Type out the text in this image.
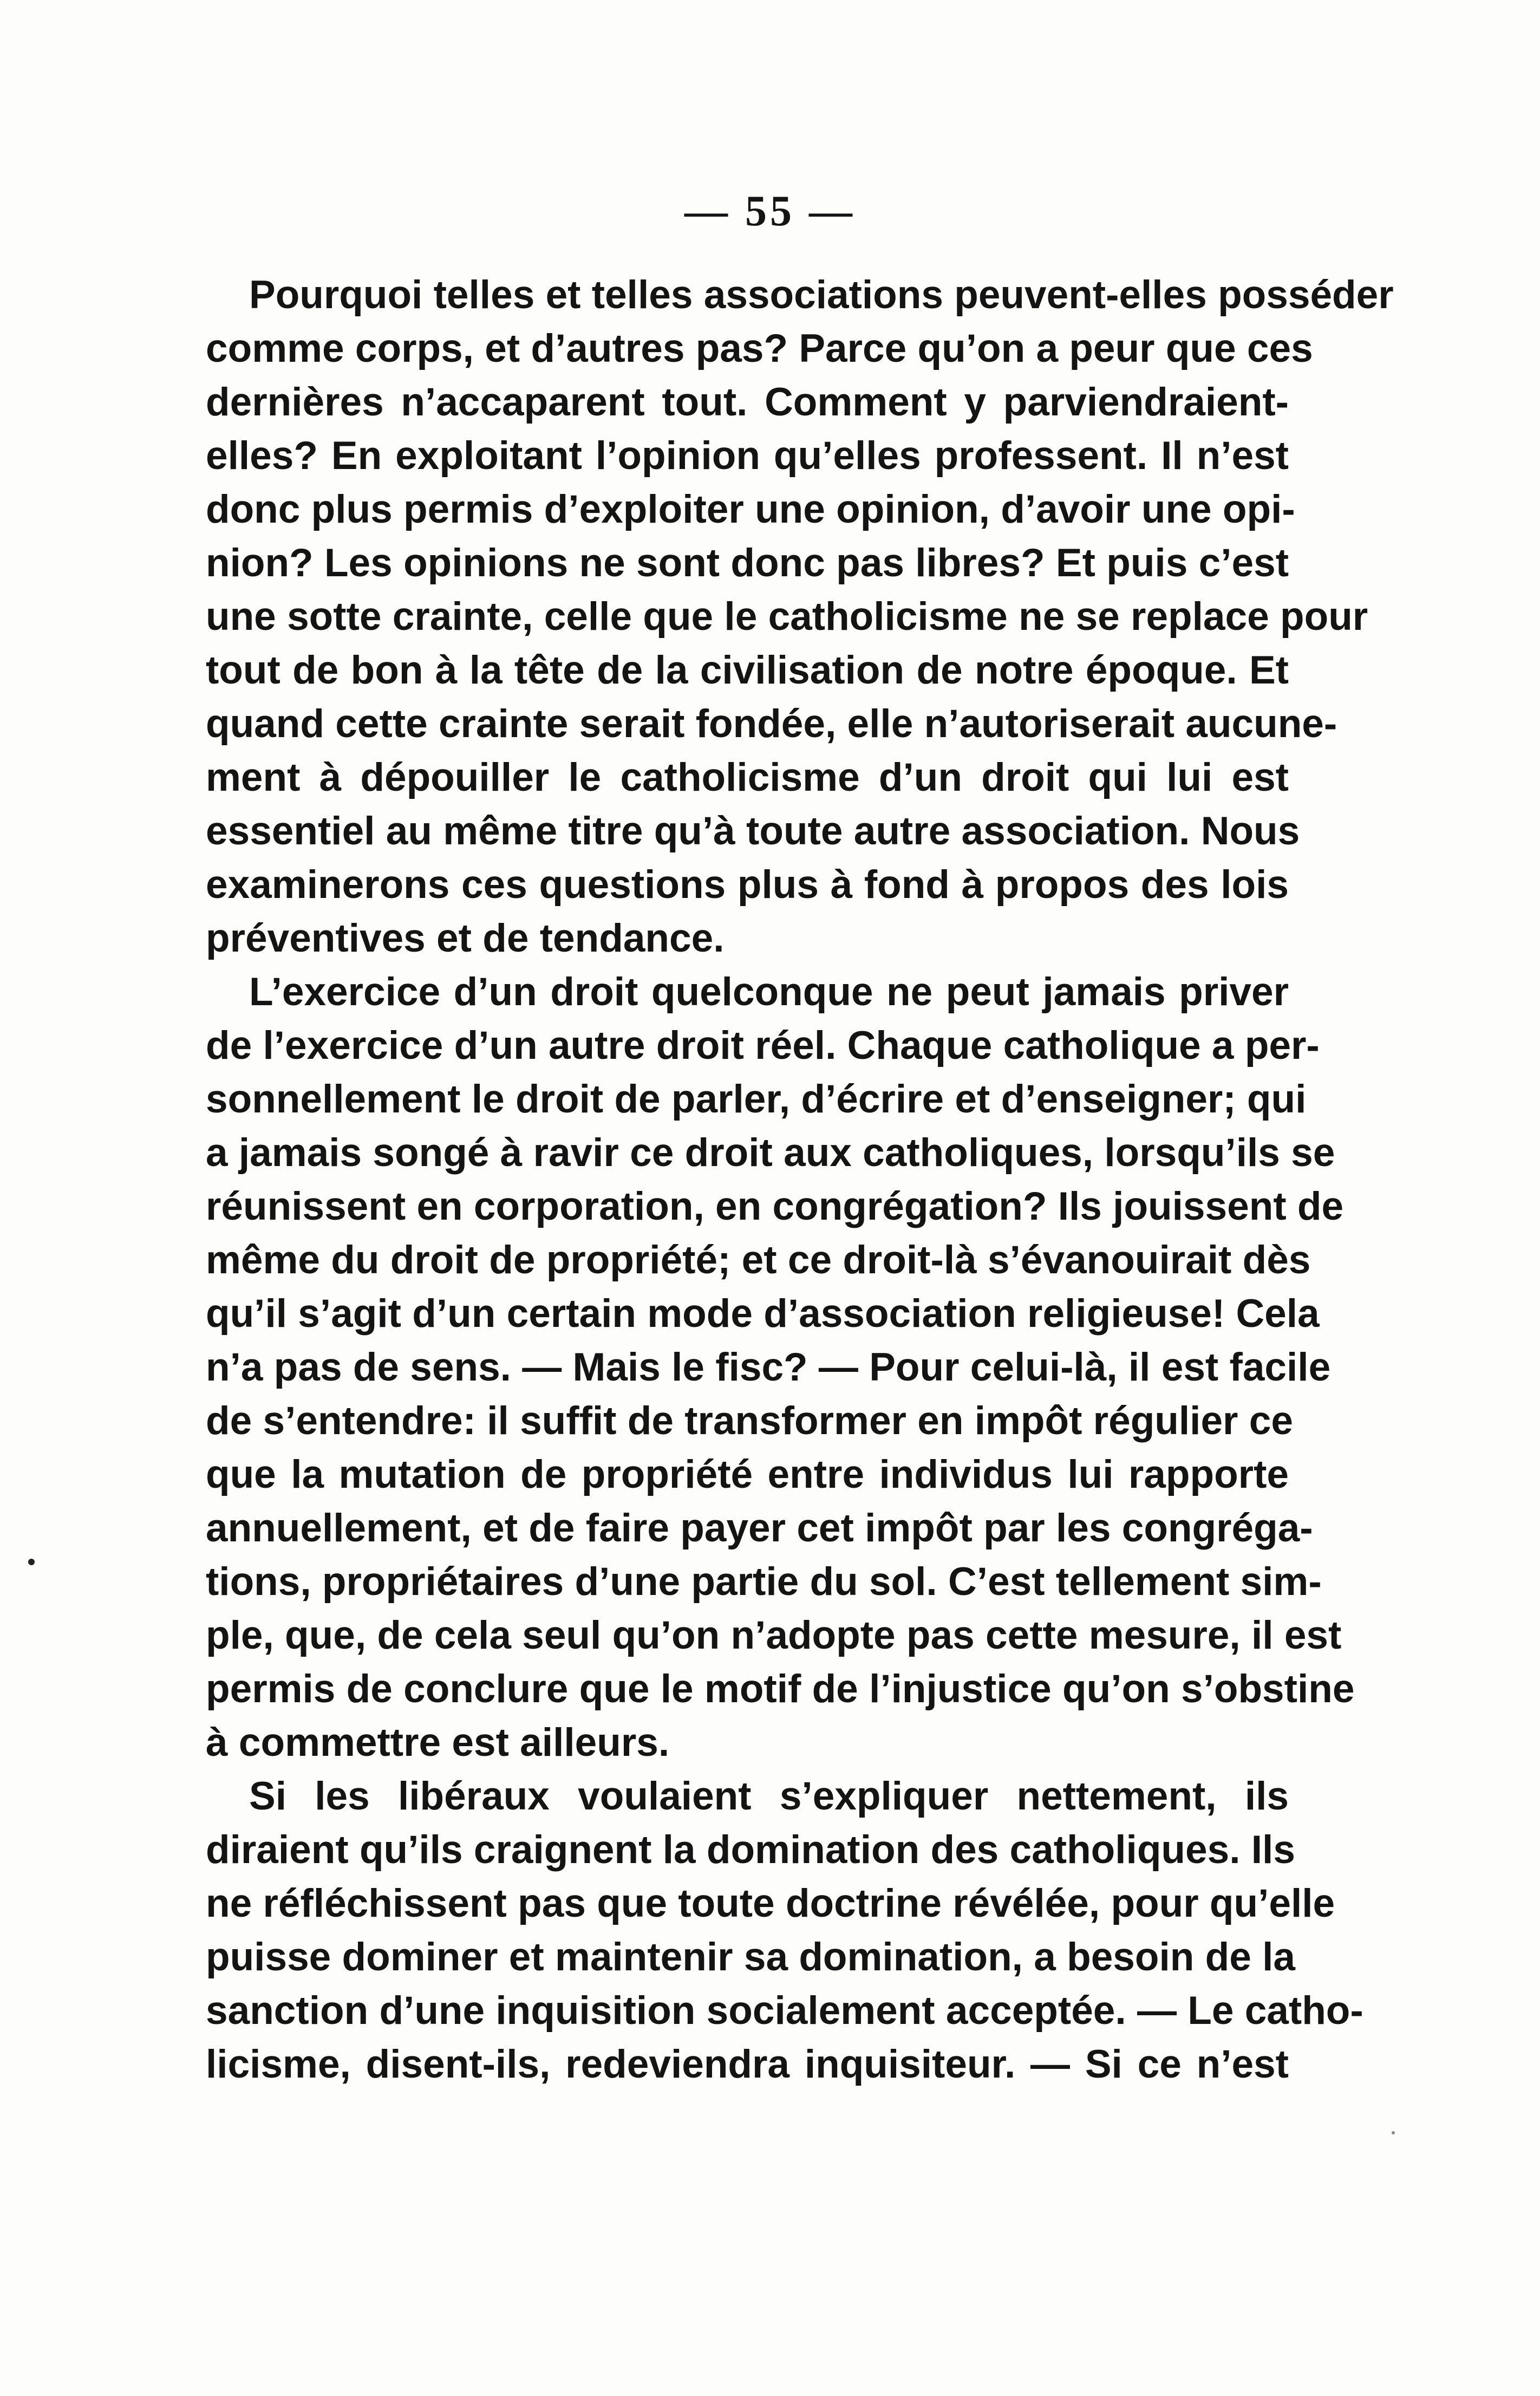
— 55 —

Pourquoi telles et telles associations peuvent-elles posséder
comme corps, et d’autres pas? Parce qu’on a peur que ces
dernières n’accaparent tout. Comment y parviendraient-
elles? En exploitant l’opinion qu’elles professent. Il n’est
donc plus permis d’exploiter une opinion, d’avoir une opi-
nion? Les opinions ne sont donc pas libres? Et puis c’est
une sotte crainte, celle que le catholicisme ne se replace pour
tout de bon à la tête de la civilisation de notre époque. Et
quand cette crainte serait fondée, elle n’autoriserait aucune-
ment à dépouiller le catholicisme d’un droit qui lui est
essentiel au même titre qu’à toute autre association. Nous
examinerons ces questions plus à fond à propos des lois
préventives et de tendance.

L’exercice d’un droit quelconque ne peut jamais priver
de l’exercice d’un autre droit réel. Chaque catholique a per-
sonnellement le droit de parler, d’écrire et d’enseigner; qui
a jamais songé à ravir ce droit aux catholiques, lorsqu’ils se
réunissent en corporation, en congrégation? Ils jouissent de
même du droit de propriété; et ce droit-là s’évanouirait dès
qu’il s’agit d’un certain mode d’association religieuse! Cela
n’a pas de sens. — Mais le fisc? — Pour celui-là, il est facile
de s’entendre: il suffit de transformer en impôt régulier ce
que la mutation de propriété entre individus lui rapporte
annuellement, et de faire payer cet impôt par les congréga-
tions, propriétaires d’une partie du sol. C’est tellement sim-
ple, que, de cela seul qu’on n’adopte pas cette mesure, il est
permis de conclure que le motif de l’injustice qu’on s’obstine
à commettre est ailleurs.

Si les libéraux voulaient s’expliquer nettement, ils
diraient qu’ils craignent la domination des catholiques. Ils
ne réfléchissent pas que toute doctrine révélée, pour qu’elle
puisse dominer et maintenir sa domination, a besoin de la
sanction d’une inquisition socialement acceptée. — Le catho-
licisme, disent-ils, redeviendra inquisiteur. — Si ce n’est
